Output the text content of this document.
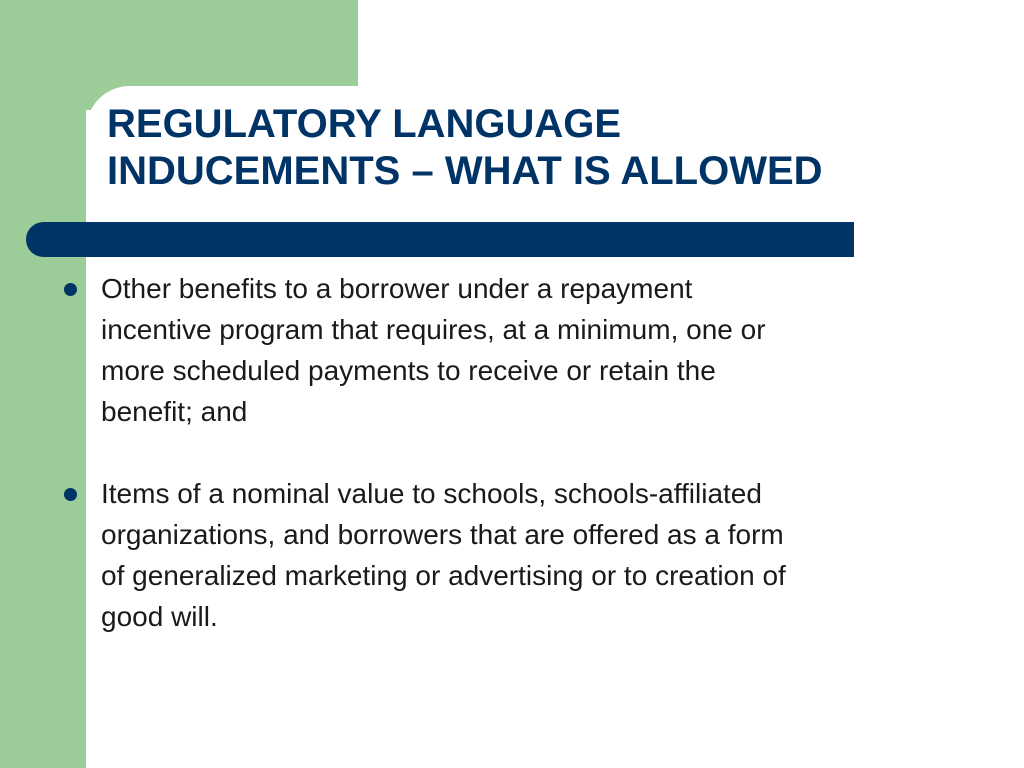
REGULATORY LANGUAGE
INDUCEMENTS – WHAT IS ALLOWED
Other benefits to a borrower under a repayment
incentive program that requires, at a minimum, one or
more scheduled payments to receive or retain the
benefit; and
Items of a nominal value to schools, schools-affiliated
organizations, and borrowers that are offered as a form
of generalized marketing or advertising or to creation of
good will.
